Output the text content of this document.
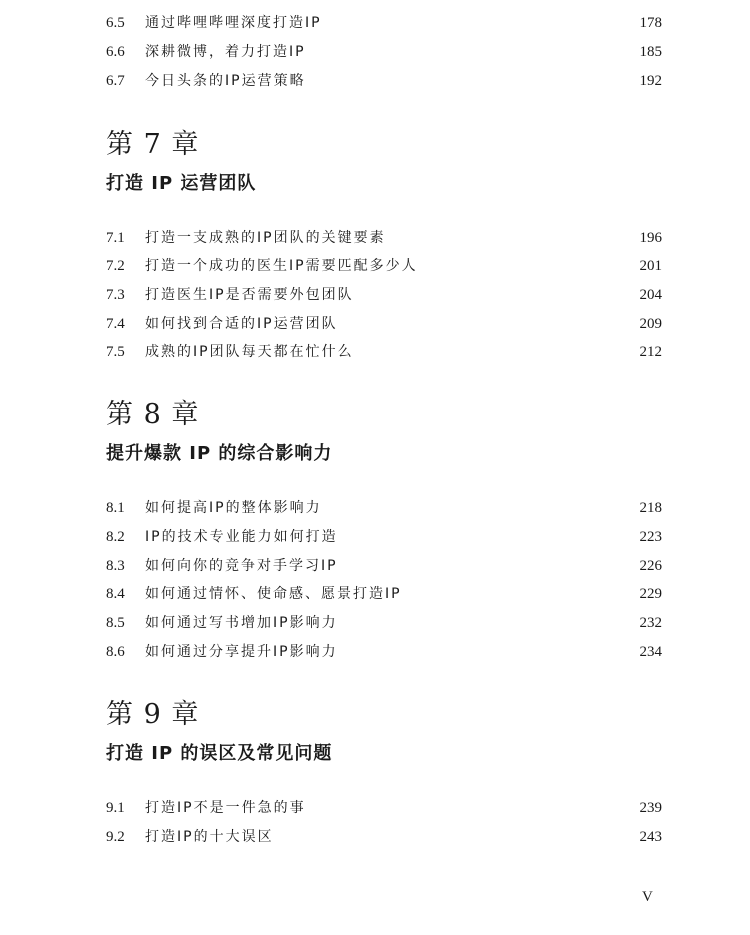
6.5 通过哔哩哔哩深度打造IP	178
6.6 深耕微博，着力打造IP	185
6.7 今日头条的IP运营策略	192
第 7 章
打造 IP 运营团队
7.1 打造一支成熟的IP团队的关键要素	196
7.2 打造一个成功的医生IP需要匹配多少人	201
7.3 打造医生IP是否需要外包团队	204
7.4 如何找到合适的IP运营团队	209
7.5 成熟的IP团队每天都在忙什么	212
第 8 章
提升爆款 IP 的综合影响力
8.1 如何提高IP的整体影响力	218
8.2 IP的技术专业能力如何打造	223
8.3 如何向你的竞争对手学习IP	226
8.4 如何通过情怀、使命感、愿景打造IP	229
8.5 如何通过写书增加IP影响力	232
8.6 如何通过分享提升IP影响力	234
第 9 章
打造 IP 的误区及常见问题
9.1 打造IP不是一件急的事	239
9.2 打造IP的十大误区	243
V
